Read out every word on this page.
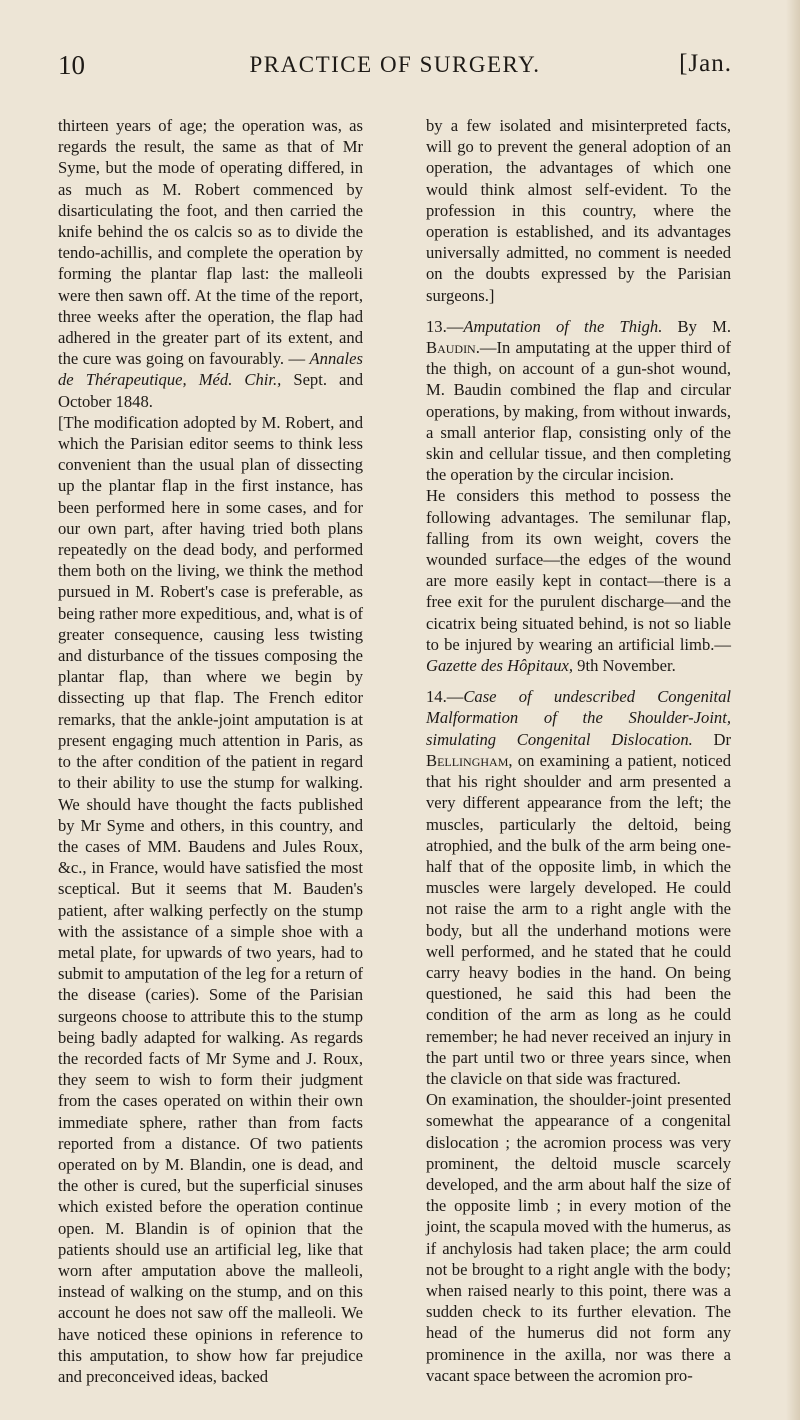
10	PRACTICE OF SURGERY.	[Jan.

thirteen years of age; the operation was, as regards the result, the same as that of Mr Syme, but the mode of operating differed, in as much as M. Robert commenced by disarticulating the foot, and then carried the knife behind the os calcis so as to divide the tendo-achillis, and complete the operation by forming the plantar flap last: the malleoli were then sawn off. At the time of the report, three weeks after the operation, the flap had adhered in the greater part of its extent, and the cure was going on favourably. — Annales de Thérapeutique, Méd. Chir., Sept. and October 1848.

[The modification adopted by M. Robert, and which the Parisian editor seems to think less convenient than the usual plan of dissecting up the plantar flap in the first instance, has been performed here in some cases, and for our own part, after having tried both plans repeatedly on the dead body, and performed them both on the living, we think the method pursued in M. Robert's case is preferable, as being rather more expeditious, and, what is of greater consequence, causing less twisting and disturbance of the tissues composing the plantar flap, than where we begin by dissecting up that flap. The French editor remarks, that the ankle-joint amputation is at present engaging much attention in Paris, as to the after condition of the patient in regard to their ability to use the stump for walking. We should have thought the facts published by Mr Syme and others, in this country, and the cases of MM. Baudens and Jules Roux, &c., in France, would have satisfied the most sceptical. But it seems that M. Bauden's patient, after walking perfectly on the stump with the assistance of a simple shoe with a metal plate, for upwards of two years, had to submit to amputation of the leg for a return of the disease (caries). Some of the Parisian surgeons choose to attribute this to the stump being badly adapted for walking. As regards the recorded facts of Mr Syme and J. Roux, they seem to wish to form their judgment from the cases operated on within their own immediate sphere, rather than from facts reported from a distance. Of two patients operated on by M. Blandin, one is dead, and the other is cured, but the superficial sinuses which existed before the operation continue open. M. Blandin is of opinion that the patients should use an artificial leg, like that worn after amputation above the malleoli, instead of walking on the stump, and on this account he does not saw off the malleoli. We have noticed these opinions in reference to this amputation, to show how far prejudice and preconceived ideas, backed

by a few isolated and misinterpreted facts, will go to prevent the general adoption of an operation, the advantages of which one would think almost self-evident. To the profession in this country, where the operation is established, and its advantages universally admitted, no comment is needed on the doubts expressed by the Parisian surgeons.]

13.—Amputation of the Thigh. By M. Baudin.—In amputating at the upper third of the thigh, on account of a gun-shot wound, M. Baudin combined the flap and circular operations, by making, from without inwards, a small anterior flap, consisting only of the skin and cellular tissue, and then completing the operation by the circular incision.

He considers this method to possess the following advantages. The semilunar flap, falling from its own weight, covers the wounded surface—the edges of the wound are more easily kept in contact—there is a free exit for the purulent discharge—and the cicatrix being situated behind, is not so liable to be injured by wearing an artificial limb.—Gazette des Hôpitaux, 9th November.

14.—Case of undescribed Congenital Malformation of the Shoulder-Joint, simulating Congenital Dislocation. Dr Bellingham, on examining a patient, noticed that his right shoulder and arm presented a very different appearance from the left; the muscles, particularly the deltoid, being atrophied, and the bulk of the arm being one-half that of the opposite limb, in which the muscles were largely developed. He could not raise the arm to a right angle with the body, but all the underhand motions were well performed, and he stated that he could carry heavy bodies in the hand. On being questioned, he said this had been the condition of the arm as long as he could remember; he had never received an injury in the part until two or three years since, when the clavicle on that side was fractured.

On examination, the shoulder-joint presented somewhat the appearance of a congenital dislocation ; the acromion process was very prominent, the deltoid muscle scarcely developed, and the arm about half the size of the opposite limb ; in every motion of the joint, the scapula moved with the humerus, as if anchylosis had taken place; the arm could not be brought to a right angle with the body; when raised nearly to this point, there was a sudden check to its further elevation. The head of the humerus did not form any prominence in the axilla, nor was there a vacant space between the acromion pro-
